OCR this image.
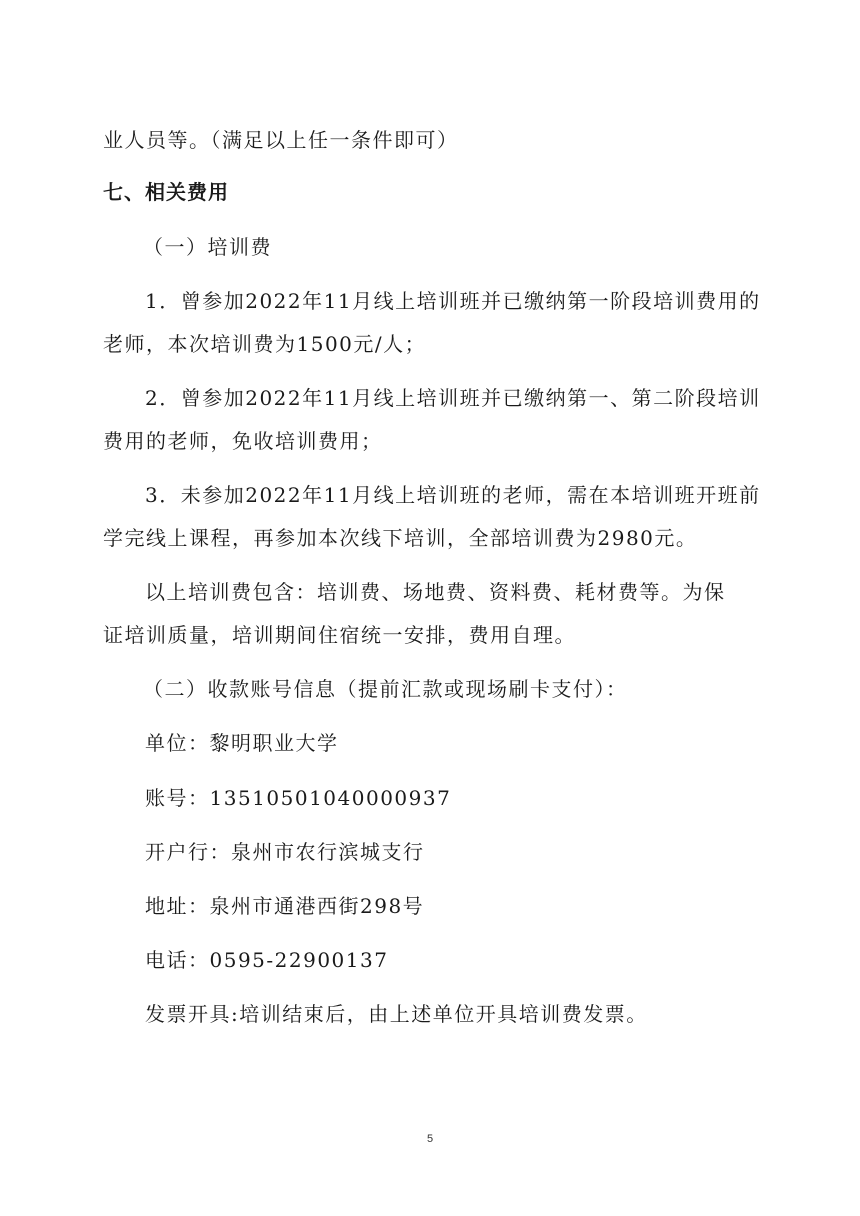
业人员等。（满足以上任一条件即可）
七、相关费用
（一）培训费
1．曾参加2022年11月线上培训班并已缴纳第一阶段培训费用的
老师，本次培训费为1500元/人；
2．曾参加2022年11月线上培训班并已缴纳第一、第二阶段培训
费用的老师，免收培训费用；
3．未参加2022年11月线上培训班的老师，需在本培训班开班前
学完线上课程，再参加本次线下培训，全部培训费为2980元。
以上培训费包含：培训费、场地费、资料费、耗材费等。为保
证培训质量，培训期间住宿统一安排，费用自理。
（二）收款账号信息（提前汇款或现场刷卡支付）：
单位：黎明职业大学
账号：13510501040000937
开户行：泉州市农行滨城支行
地址：泉州市通港西街298号
电话：0595-22900137
发票开具:培训结束后，由上述单位开具培训费发票。
5
